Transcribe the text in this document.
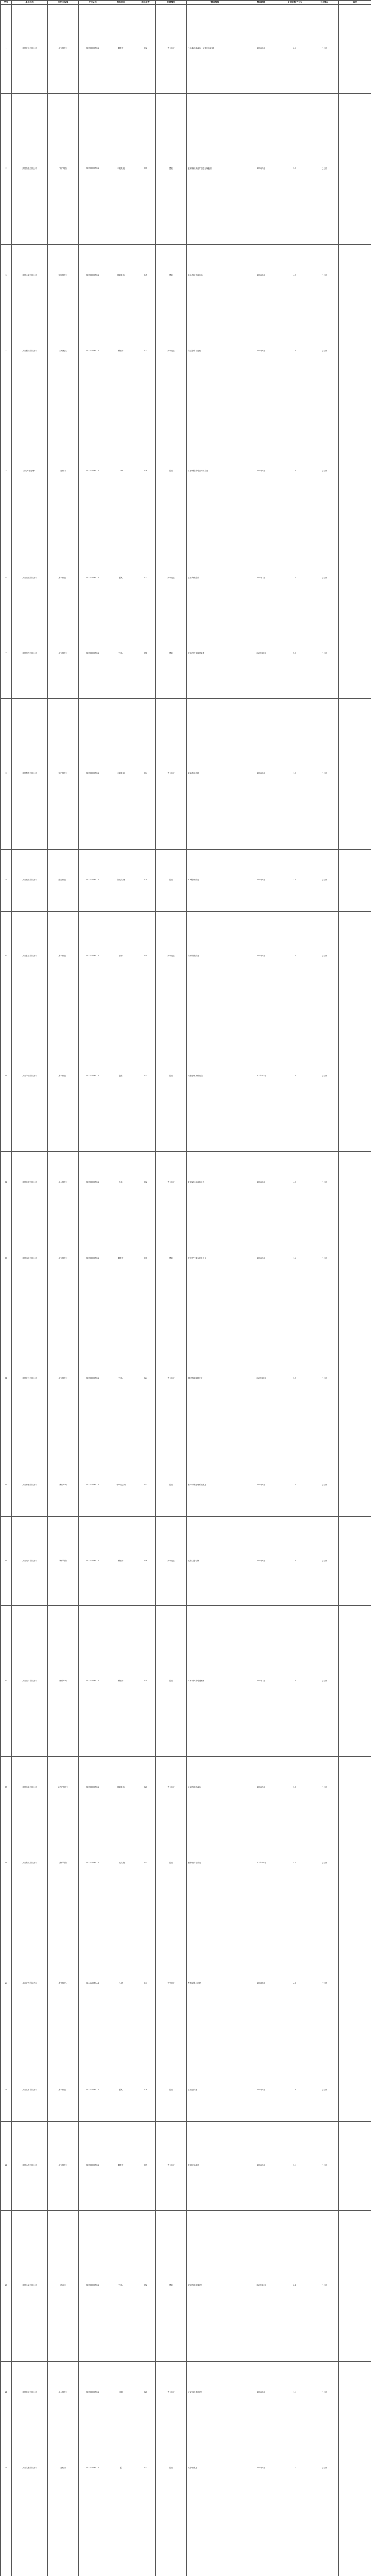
序号	单位名称	排放口/设施	许可证号	超标项目	超标倍数	处理情况	整改措施	整改时限	处罚金额(万元)	公开情况	备注
1	某某化工有限公司	废气排放口	91370000XXXX	颗粒物	0.32	责令改正	已完成设施改造，加强运行管理	2023年6月	2.5	已公开	
2	某某热电有限公司	锅炉烟囱	91370000XXXX	二氧化硫	0.18	罚款	更换脱硫设备并加强在线监测	2023年7月	3.0	已公开	
3	某某水泥有限公司	窑尾排放口	91370000XXXX	氮氧化物	0.45	罚款	脱硝系统升级改造	2023年8月	4.2	已公开	
4	某某钢铁有限公司	烧结机头	91370000XXXX	颗粒物	0.27	责令改正	除尘器布袋更换	2023年6月	1.8	已公开	
5	某某污水处理厂	总排口	91370000XXXX	COD	0.36	罚款	工艺调整并增加药剂投加	2023年9月	2.0	已公开	
6	某某造纸有限公司	废水排放口	91370000XXXX	氨氮	0.22	责令改正	生化系统整改	2023年7月	1.5	已公开	
7	某某制药有限公司	废气排放口	91370000XXXX	VOCs	0.51	罚款	安装活性炭吸附装置	2023年10月	5.0	已公开	
8	某某陶瓷有限公司	窑炉排放口	91370000XXXX	二氧化硫	0.14	责令改正	更换清洁燃料	2023年6月	1.0	已公开	
9	某某玻璃有限公司	熔窑排放口	91370000XXXX	氮氧化物	0.29	罚款	SCR脱硝改造	2023年8月	3.6	已公开	
10	某某食品有限公司	废水排放口	91370000XXXX	总磷	0.41	责令改正	除磷设施改造	2023年9月	1.2	已公开	
11	某某印染有限公司	废水排放口	91370000XXXX	色度	0.33	罚款	深度处理系统建设	2023年11月	2.8	已公开	
12	某某电镀有限公司	废水排放口	91370000XXXX	总铬	0.12	责令改正	重金属处理设施检修	2023年6月	4.0	已公开	
13	某某铸造有限公司	废气排放口	91370000XXXX	颗粒物	0.38	罚款	增设集气罩与除尘设备	2023年7月	1.6	已公开	
14	某某化纤有限公司	废气排放口	91370000XXXX	VOCs	0.24	责令改正	RTO焚烧装置改造	2023年10月	3.2	已公开	
15	某某橡胶有限公司	炼胶车间	91370000XXXX	非甲烷总烃	0.47	罚款	废气收集处理系统改造	2023年8月	2.2	已公开	
16	某某电力有限公司	锅炉烟囱	91370000XXXX	颗粒物	0.16	责令改正	电除尘器检修	2023年6月	2.0	已公开	
17	某某建材有限公司	破碎车间	91370000XXXX	颗粒物	0.31	罚款	封闭车间并增设喷淋	2023年7月	1.4	已公开	
18	某某石化有限公司	加热炉排放口	91370000XXXX	氮氧化物	0.20	责令改正	低氮燃烧器改造	2023年9月	3.8	已公开	
19	某某焦化有限公司	焦炉烟囱	91370000XXXX	二氧化硫	0.43	罚款	脱硫塔扩容改造	2023年10月	4.5	已公开	
20	某某农药有限公司	废气排放口	91370000XXXX	VOCs	0.35	责令改正	密闭收集与治理	2023年8月	2.6	已公开	
21	某某皮革有限公司	废水排放口	91370000XXXX	氨氮	0.28	罚款	生化池扩建	2023年9月	1.9	已公开	
22	某某冶炼有限公司	废气排放口	91370000XXXX	颗粒物	0.19	责令改正	布袋除尘改造	2023年7月	3.1	已公开	
23	某某涂装有限公司	喷漆房	91370000XXXX	VOCs	0.52	罚款	催化燃烧装置建设	2023年11月	2.4	已公开	
24	某某养殖有限公司	废水排放口	91370000XXXX	COD	0.26	责令改正	厌氧处理系统建设	2023年8月	1.1	已公开	
25	某某化肥有限公司	造粒塔	91370000XXXX	氨	0.37	罚款	洗涤塔改造	2023年9月	2.7	已公开	
